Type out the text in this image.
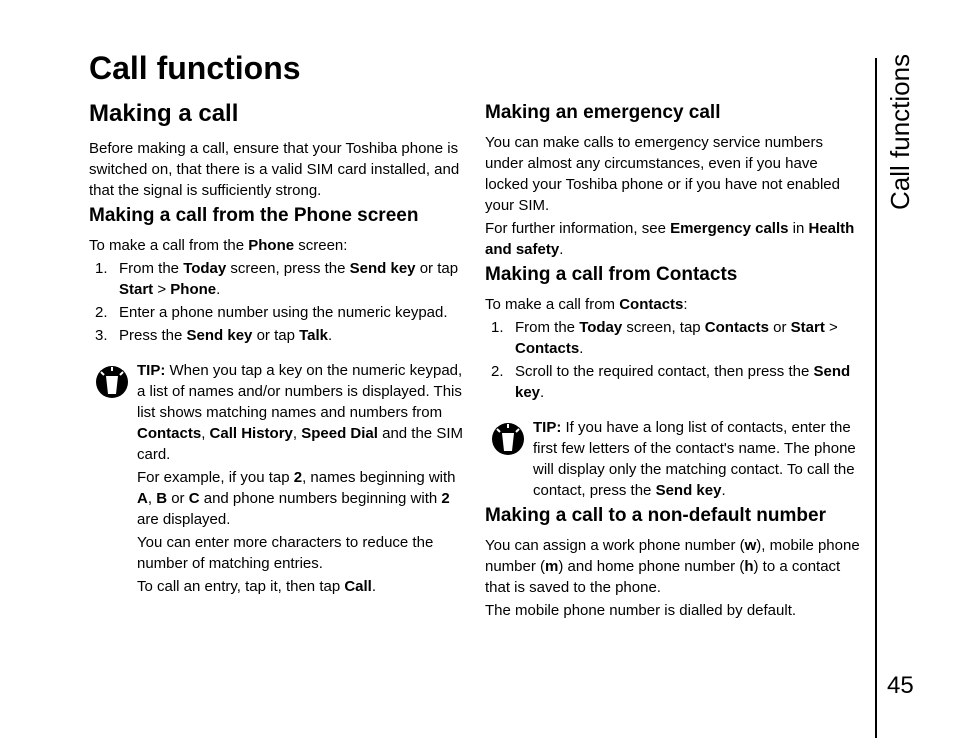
Call functions
Making a call

Before making a call, ensure that your Toshiba phone is switched on, that there is a valid SIM card installed, and that the signal is sufficiently strong.

Making a call from the Phone screen

To make a call from the Phone screen:

1. From the Today screen, press the Send key or tap Start > Phone.
2. Enter a phone number using the numeric keypad.
3. Press the Send key or tap Talk.

TIP: When you tap a key on the numeric keypad, a list of names and/or numbers is displayed. This list shows matching names and numbers from Contacts, Call History, Speed Dial and the SIM card.

For example, if you tap 2, names beginning with A, B or C and phone numbers beginning with 2 are displayed.

You can enter more characters to reduce the number of matching entries.

To call an entry, tap it, then tap Call.

Making an emergency call

You can make calls to emergency service numbers under almost any circumstances, even if you have locked your Toshiba phone or if you have not enabled your SIM.

For further information, see Emergency calls in Health and safety.

Making a call from Contacts

To make a call from Contacts:

1. From the Today screen, tap Contacts or Start > Contacts.
2. Scroll to the required contact, then press the Send key.

TIP: If you have a long list of contacts, enter the first few letters of the contact's name. The phone will display only the matching contact. To call the contact, press the Send key.

Making a call to a non-default number

You can assign a work phone number (w), mobile phone number (m) and home phone number (h) to a contact that is saved to the phone.

The mobile phone number is dialled by default.

Call functions

45
